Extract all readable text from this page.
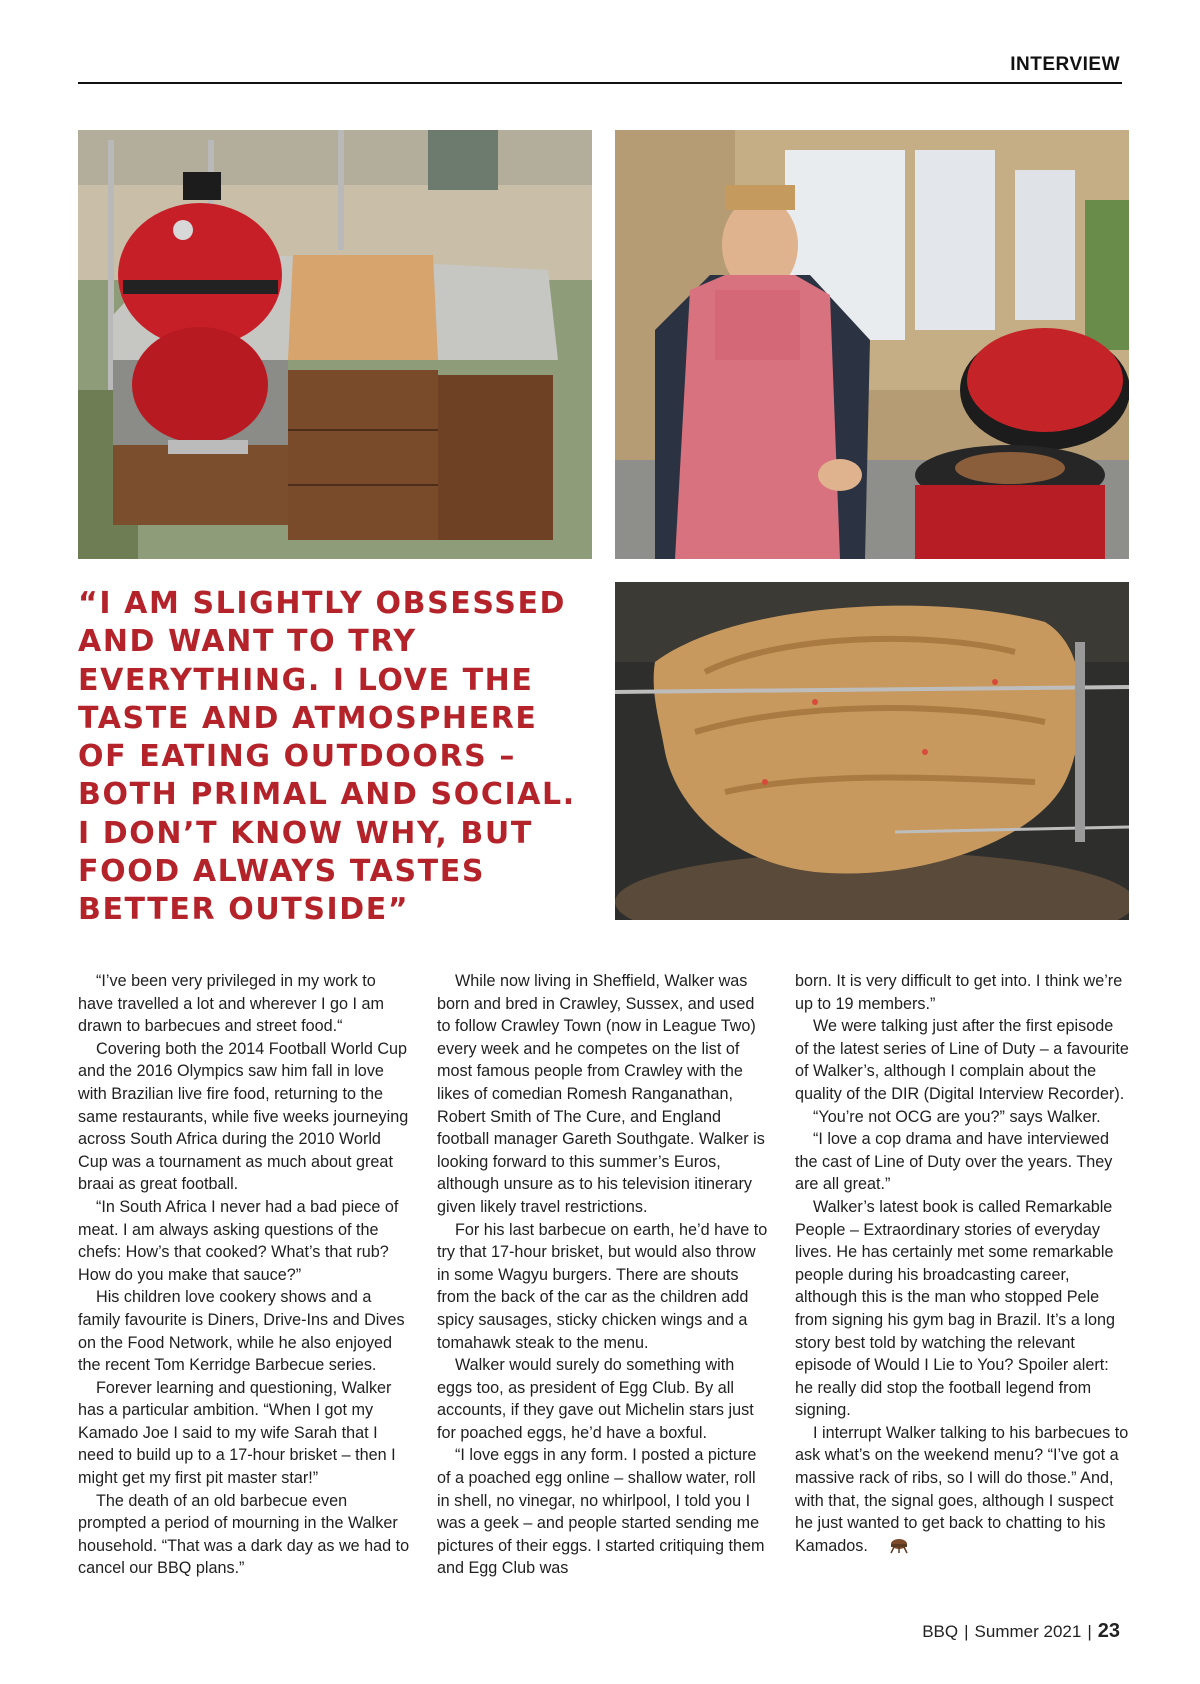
INTERVIEW
“I AM SLIGHTLY OBSESSED AND WANT TO TRY EVERYTHING. I LOVE THE TASTE AND ATMOSPHERE OF EATING OUTDOORS – BOTH PRIMAL AND SOCIAL. I DON’T KNOW WHY, BUT FOOD ALWAYS TASTES BETTER OUTSIDE”

“I’ve been very privileged in my work to have travelled a lot and wherever I go I am drawn to barbecues and street food.“

Covering both the 2014 Football World Cup and the 2016 Olympics saw him fall in love with Brazilian live fire food, returning to the same restaurants, while five weeks journeying across South Africa during the 2010 World Cup was a tournament as much about great braai as great football.

“In South Africa I never had a bad piece of meat. I am always asking questions of the chefs: How’s that cooked? What’s that rub? How do you make that sauce?”

His children love cookery shows and a family favourite is Diners, Drive-Ins and Dives on the Food Network, while he also enjoyed the recent Tom Kerridge Barbecue series.

Forever learning and questioning, Walker has a particular ambition. “When I got my Kamado Joe I said to my wife Sarah that I need to build up to a 17-hour brisket – then I might get my first pit master star!”

The death of an old barbecue even prompted a period of mourning in the Walker household. “That was a dark day as we had to cancel our BBQ plans.”

While now living in Sheffield, Walker was born and bred in Crawley, Sussex, and used to follow Crawley Town (now in League Two) every week and he competes on the list of most famous people from Crawley with the likes of comedian Romesh Ranganathan, Robert Smith of The Cure, and England football manager Gareth Southgate. Walker is looking forward to this summer’s Euros, although unsure as to his television itinerary given likely travel restrictions.

For his last barbecue on earth, he’d have to try that 17-hour brisket, but would also throw in some Wagyu burgers. There are shouts from the back of the car as the children add spicy sausages, sticky chicken wings and a tomahawk steak to the menu.

Walker would surely do something with eggs too, as president of Egg Club. By all accounts, if they gave out Michelin stars just for poached eggs, he’d have a boxful.

“I love eggs in any form. I posted a picture of a poached egg online – shallow water, roll in shell, no vinegar, no whirlpool, I told you I was a geek – and people started sending me pictures of their eggs. I started critiquing them and Egg Club was

born. It is very difficult to get into. I think we’re up to 19 members.”

We were talking just after the first episode of the latest series of Line of Duty – a favourite of Walker’s, although I complain about the quality of the DIR (Digital Interview Recorder).

“You’re not OCG are you?” says Walker.

“I love a cop drama and have interviewed the cast of Line of Duty over the years. They are all great.”

Walker’s latest book is called Remarkable People – Extraordinary stories of everyday lives. He has certainly met some remarkable people during his broadcasting career, although this is the man who stopped Pele from signing his gym bag in Brazil. It’s a long story best told by watching the relevant episode of Would I Lie to You? Spoiler alert: he really did stop the football legend from signing.

I interrupt Walker talking to his barbecues to ask what’s on the weekend menu? “I’ve got a massive rack of ribs, so I will do those.” And, with that, the signal goes, although I suspect he just wanted to get back to chatting to his Kamados.

BBQ | Summer 2021 | 23
